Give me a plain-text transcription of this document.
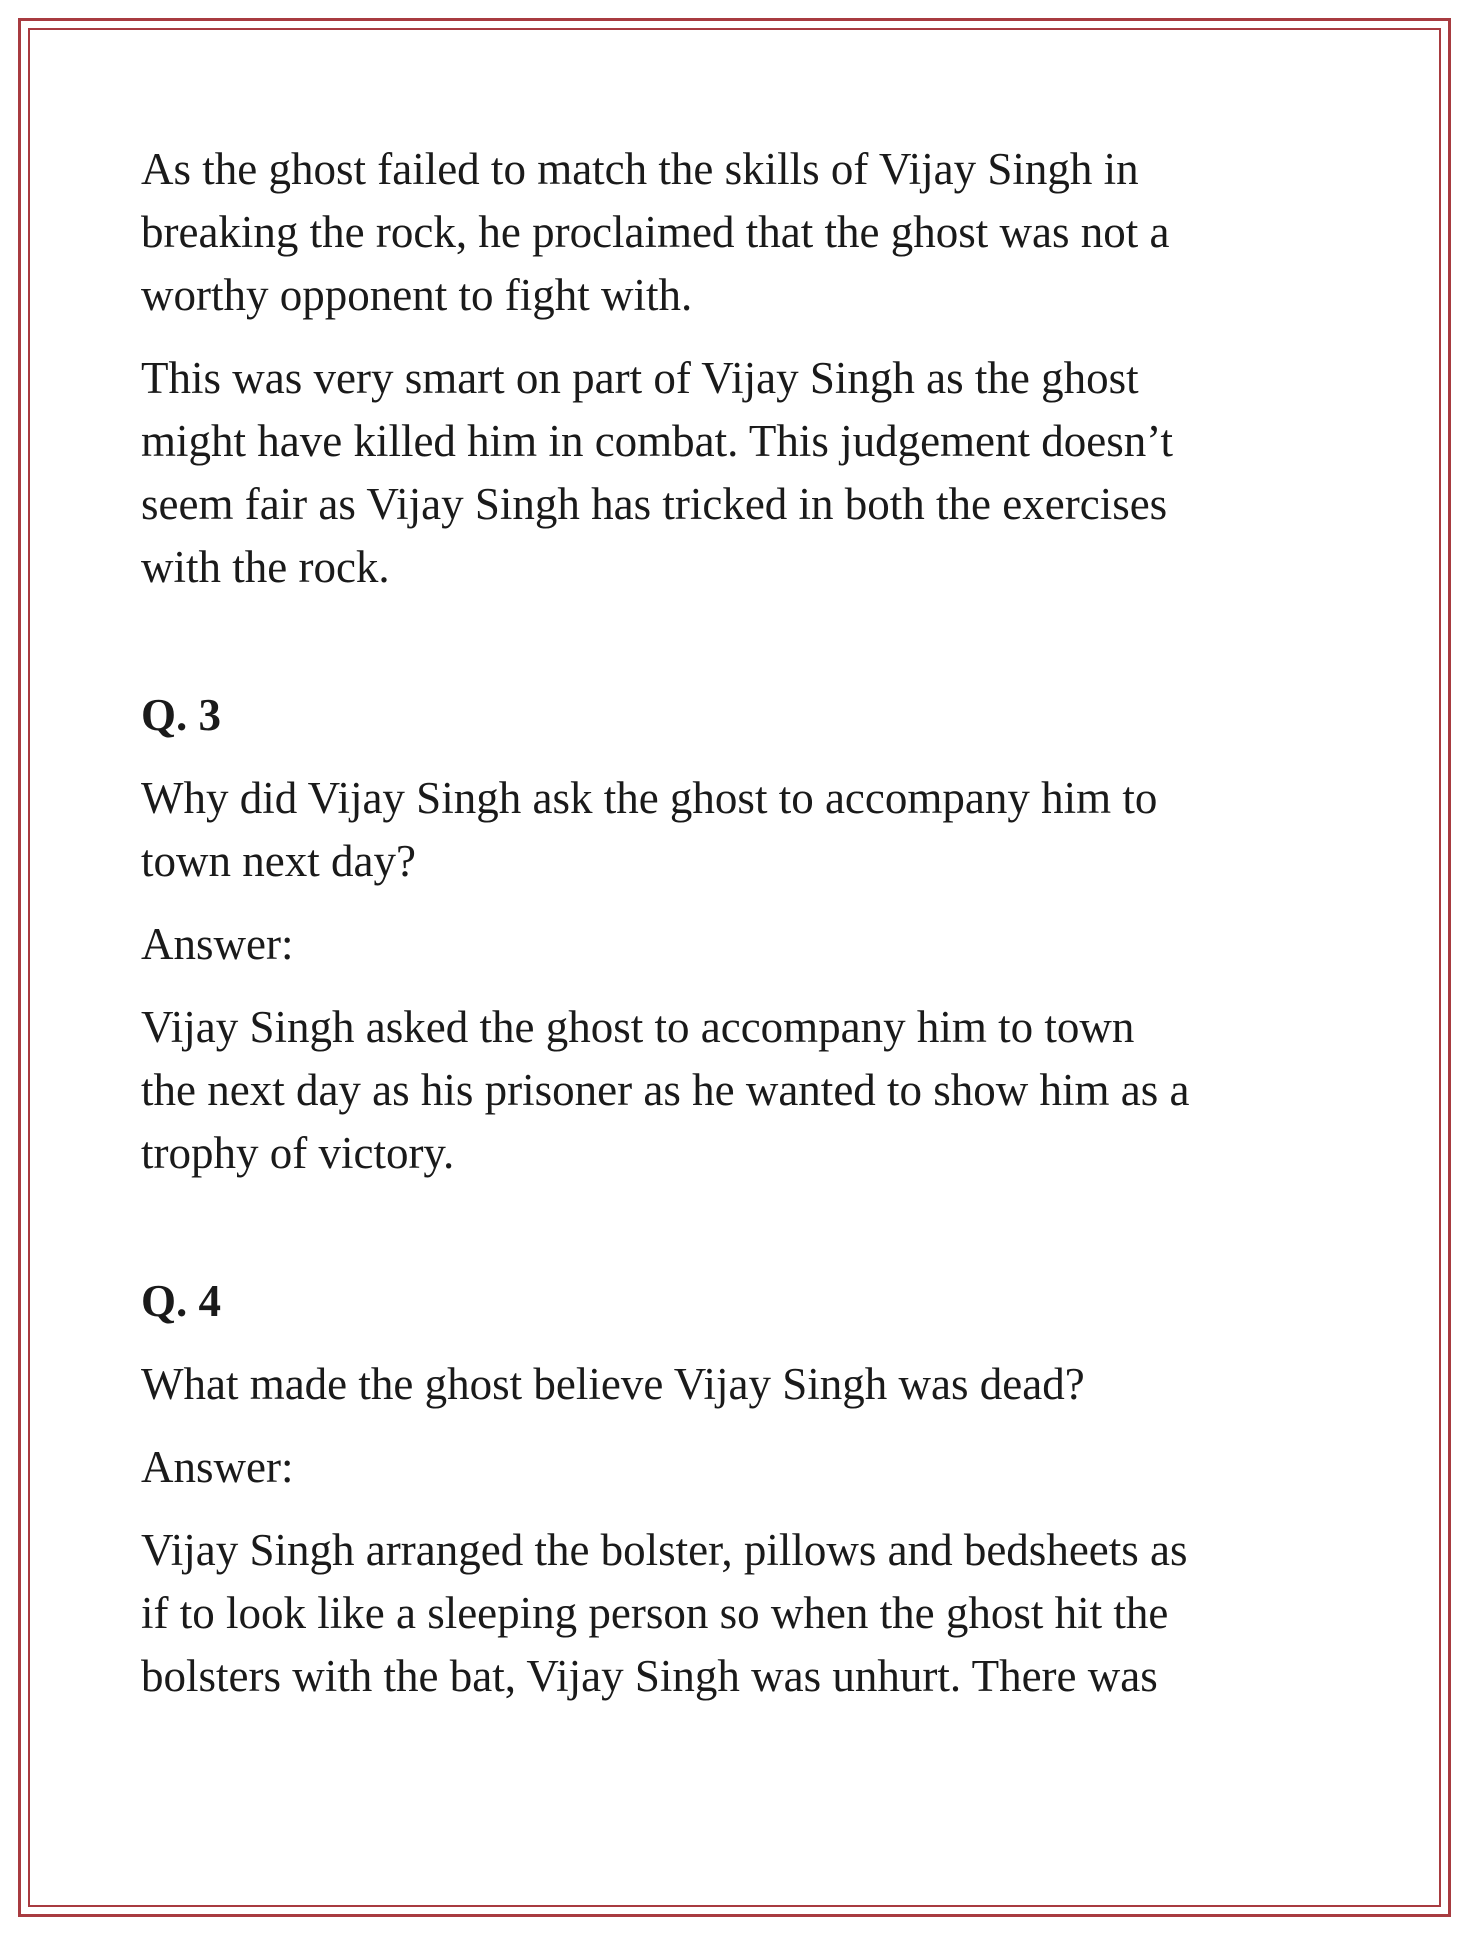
As the ghost failed to match the skills of Vijay Singh in
breaking the rock, he proclaimed that the ghost was not a
worthy opponent to fight with.

This was very smart on part of Vijay Singh as the ghost
might have killed him in combat. This judgement doesn’t
seem fair as Vijay Singh has tricked in both the exercises
with the rock.

Q. 3

Why did Vijay Singh ask the ghost to accompany him to
town next day?

Answer:

Vijay Singh asked the ghost to accompany him to town
the next day as his prisoner as he wanted to show him as a
trophy of victory.

Q. 4

What made the ghost believe Vijay Singh was dead?

Answer:

Vijay Singh arranged the bolster, pillows and bedsheets as
if to look like a sleeping person so when the ghost hit the
bolsters with the bat, Vijay Singh was unhurt. There was
